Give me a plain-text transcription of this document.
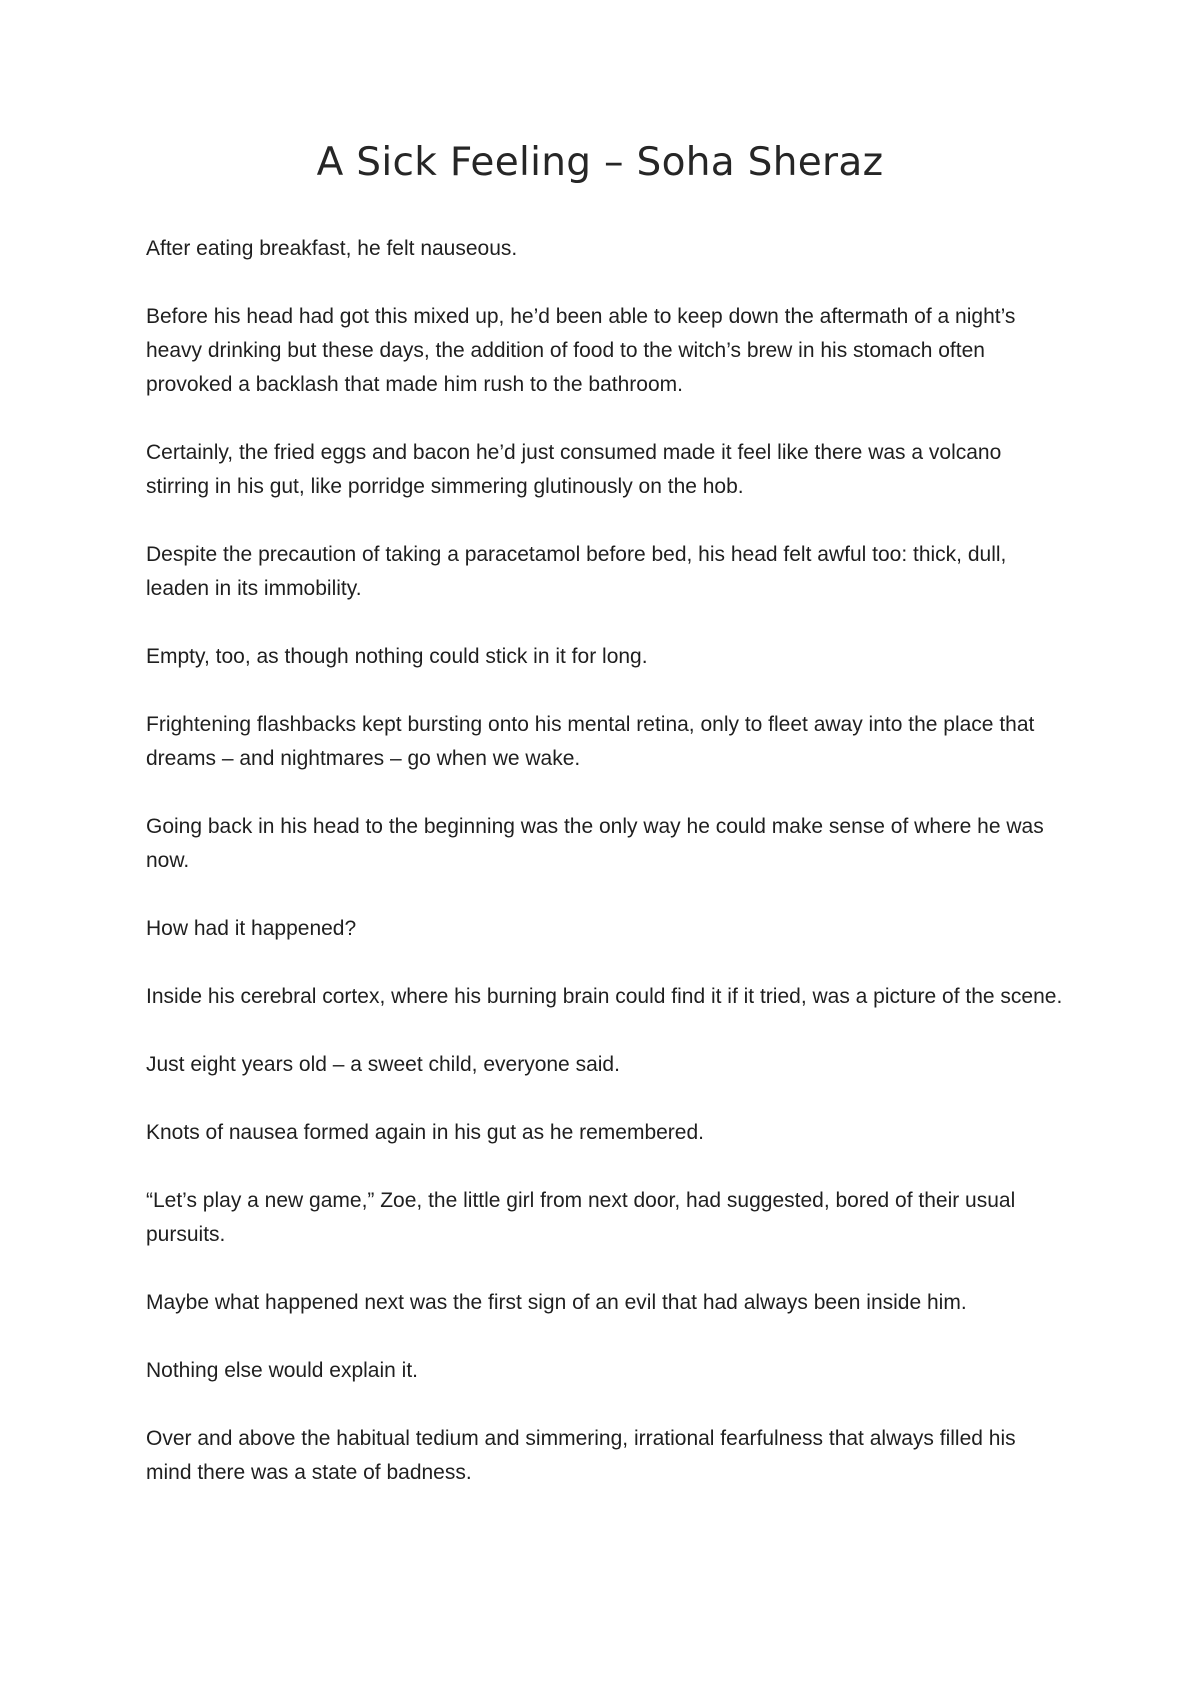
A Sick Feeling – Soha Sheraz

After eating breakfast, he felt nauseous.

Before his head had got this mixed up, he’d been able to keep down the aftermath of a night’s heavy drinking but these days, the addition of food to the witch’s brew in his stomach often provoked a backlash that made him rush to the bathroom.

Certainly, the fried eggs and bacon he’d just consumed made it feel like there was a volcano stirring in his gut, like porridge simmering glutinously on the hob.

Despite the precaution of taking a paracetamol before bed, his head felt awful too: thick, dull, leaden in its immobility.

Empty, too, as though nothing could stick in it for long.

Frightening flashbacks kept bursting onto his mental retina, only to fleet away into the place that dreams – and nightmares – go when we wake.

Going back in his head to the beginning was the only way he could make sense of where he was now.

How had it happened?

Inside his cerebral cortex, where his burning brain could find it if it tried, was a picture of the scene.

Just eight years old – a sweet child, everyone said.

Knots of nausea formed again in his gut as he remembered.

“Let’s play a new game,” Zoe, the little girl from next door, had suggested, bored of their usual pursuits.

Maybe what happened next was the first sign of an evil that had always been inside him.

Nothing else would explain it.

Over and above the habitual tedium and simmering, irrational fearfulness that always filled his mind there was a state of badness.
